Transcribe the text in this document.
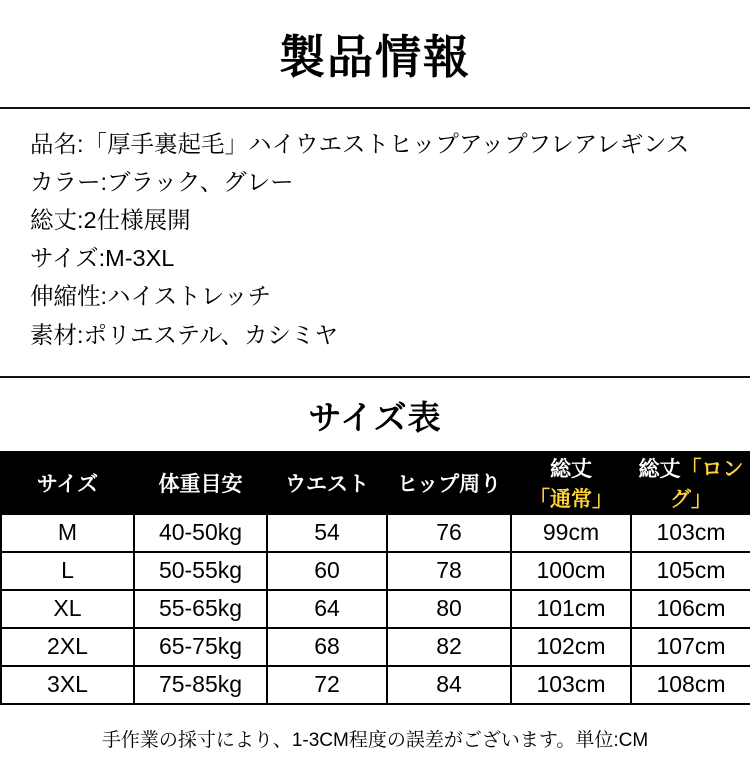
製品情報
品名:「厚手裏起毛」ハイウエストヒップアップフレアレギンス
カラー:ブラック、グレー
総丈:2仕様展開
サイズ:M-3XL
伸縮性:ハイストレッチ
素材:ポリエステル、カシミヤ
サイズ表
サイズ	体重目安	ウエスト	ヒップ周り	総丈「通常」	総丈「ロング」
M	40-50kg	54	76	99cm	103cm
L	50-55kg	60	78	100cm	105cm
XL	55-65kg	64	80	101cm	106cm
2XL	65-75kg	68	82	102cm	107cm
3XL	75-85kg	72	84	103cm	108cm
手作業の採寸により、1-3CM程度の誤差がございます。単位:CM
